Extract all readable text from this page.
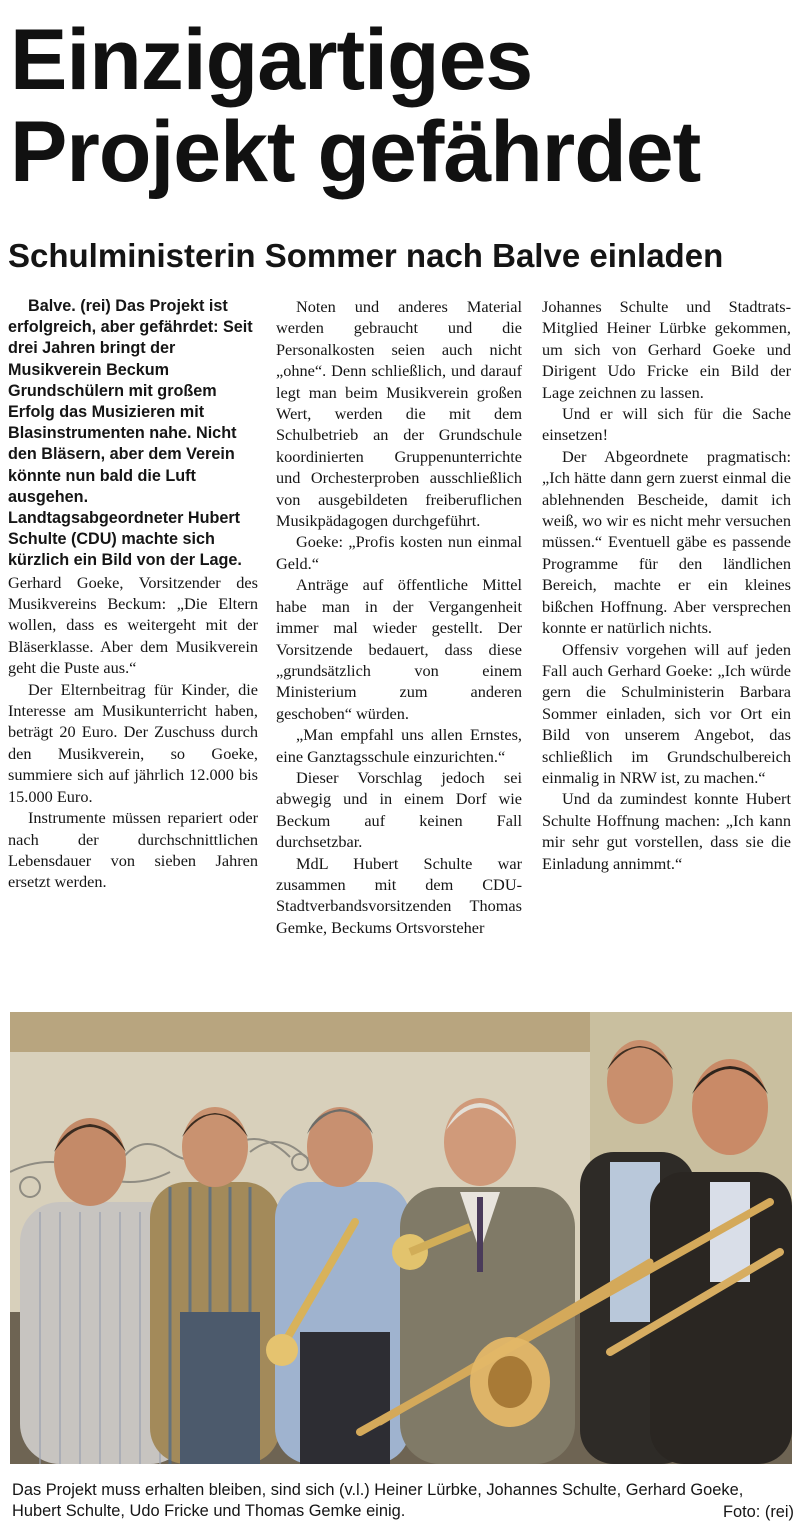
Einzigartiges Projekt gefährdet
Schulministerin Sommer nach Balve einladen

Balve. (rei) Das Projekt ist erfolgreich, aber gefährdet: Seit drei Jahren bringt der Musikverein Beckum Grundschülern mit großem Erfolg das Musizieren mit Blasinstrumenten nahe. Nicht den Bläsern, aber dem Verein könnte nun bald die Luft ausgehen. Landtagsabgeordneter Hubert Schulte (CDU) machte sich kürzlich ein Bild von der Lage.

Gerhard Goeke, Vorsitzender des Musikvereins Beckum: „Die Eltern wollen, dass es weitergeht mit der Bläserklasse. Aber dem Musikverein geht die Puste aus.“

Der Elternbeitrag für Kinder, die Interesse am Musikunterricht haben, beträgt 20 Euro. Der Zuschuss durch den Musikverein, so Goeke, summiere sich auf jährlich 12.000 bis 15.000 Euro.

Instrumente müssen repariert oder nach der durchschnittlichen Lebensdauer von sieben Jahren ersetzt werden.

Noten und anderes Material werden gebraucht und die Personalkosten seien auch nicht „ohne“. Denn schließlich, und darauf legt man beim Musikverein großen Wert, werden die mit dem Schulbetrieb an der Grundschule koordinierten Gruppenunterrichte und Orchesterproben ausschließlich von ausgebildeten freiberuflichen Musikpädagogen durchgeführt.

Goeke: „Profis kosten nun einmal Geld.“

Anträge auf öffentliche Mittel habe man in der Vergangenheit immer mal wieder gestellt. Der Vorsitzende bedauert, dass diese „grundsätzlich von einem Ministerium zum anderen geschoben“ würden.

„Man empfahl uns allen Ernstes, eine Ganztagsschule einzurichten.“

Dieser Vorschlag jedoch sei abwegig und in einem Dorf wie Beckum auf keinen Fall durchsetzbar.

MdL Hubert Schulte war zusammen mit dem CDU-Stadtverbandsvorsitzenden Thomas Gemke, Beckums Ortsvorsteher

Johannes Schulte und Stadtrats-Mitglied Heiner Lürbke gekommen, um sich von Gerhard Goeke und Dirigent Udo Fricke ein Bild der Lage zeichnen zu lassen.

Und er will sich für die Sache einsetzen!

Der Abgeordnete pragmatisch: „Ich hätte dann gern zuerst einmal die ablehnenden Bescheide, damit ich weiß, wo wir es nicht mehr versuchen müssen.“ Eventuell gäbe es passende Programme für den ländlichen Bereich, machte er ein kleines bißchen Hoffnung. Aber versprechen konnte er natürlich nichts.

Offensiv vorgehen will auf jeden Fall auch Gerhard Goeke: „Ich würde gern die Schulministerin Barbara Sommer einladen, sich vor Ort ein Bild von unserem Angebot, das schließlich im Grundschulbereich einmalig in NRW ist, zu machen.“

Und da zumindest konnte Hubert Schulte Hoffnung machen: „Ich kann mir sehr gut vorstellen, dass sie die Einladung annimmt.“

Das Projekt muss erhalten bleiben, sind sich (v.l.) Heiner Lürbke, Johannes Schulte, Gerhard Goeke, Hubert Schulte, Udo Fricke und Thomas Gemke einig.	Foto: (rei)
